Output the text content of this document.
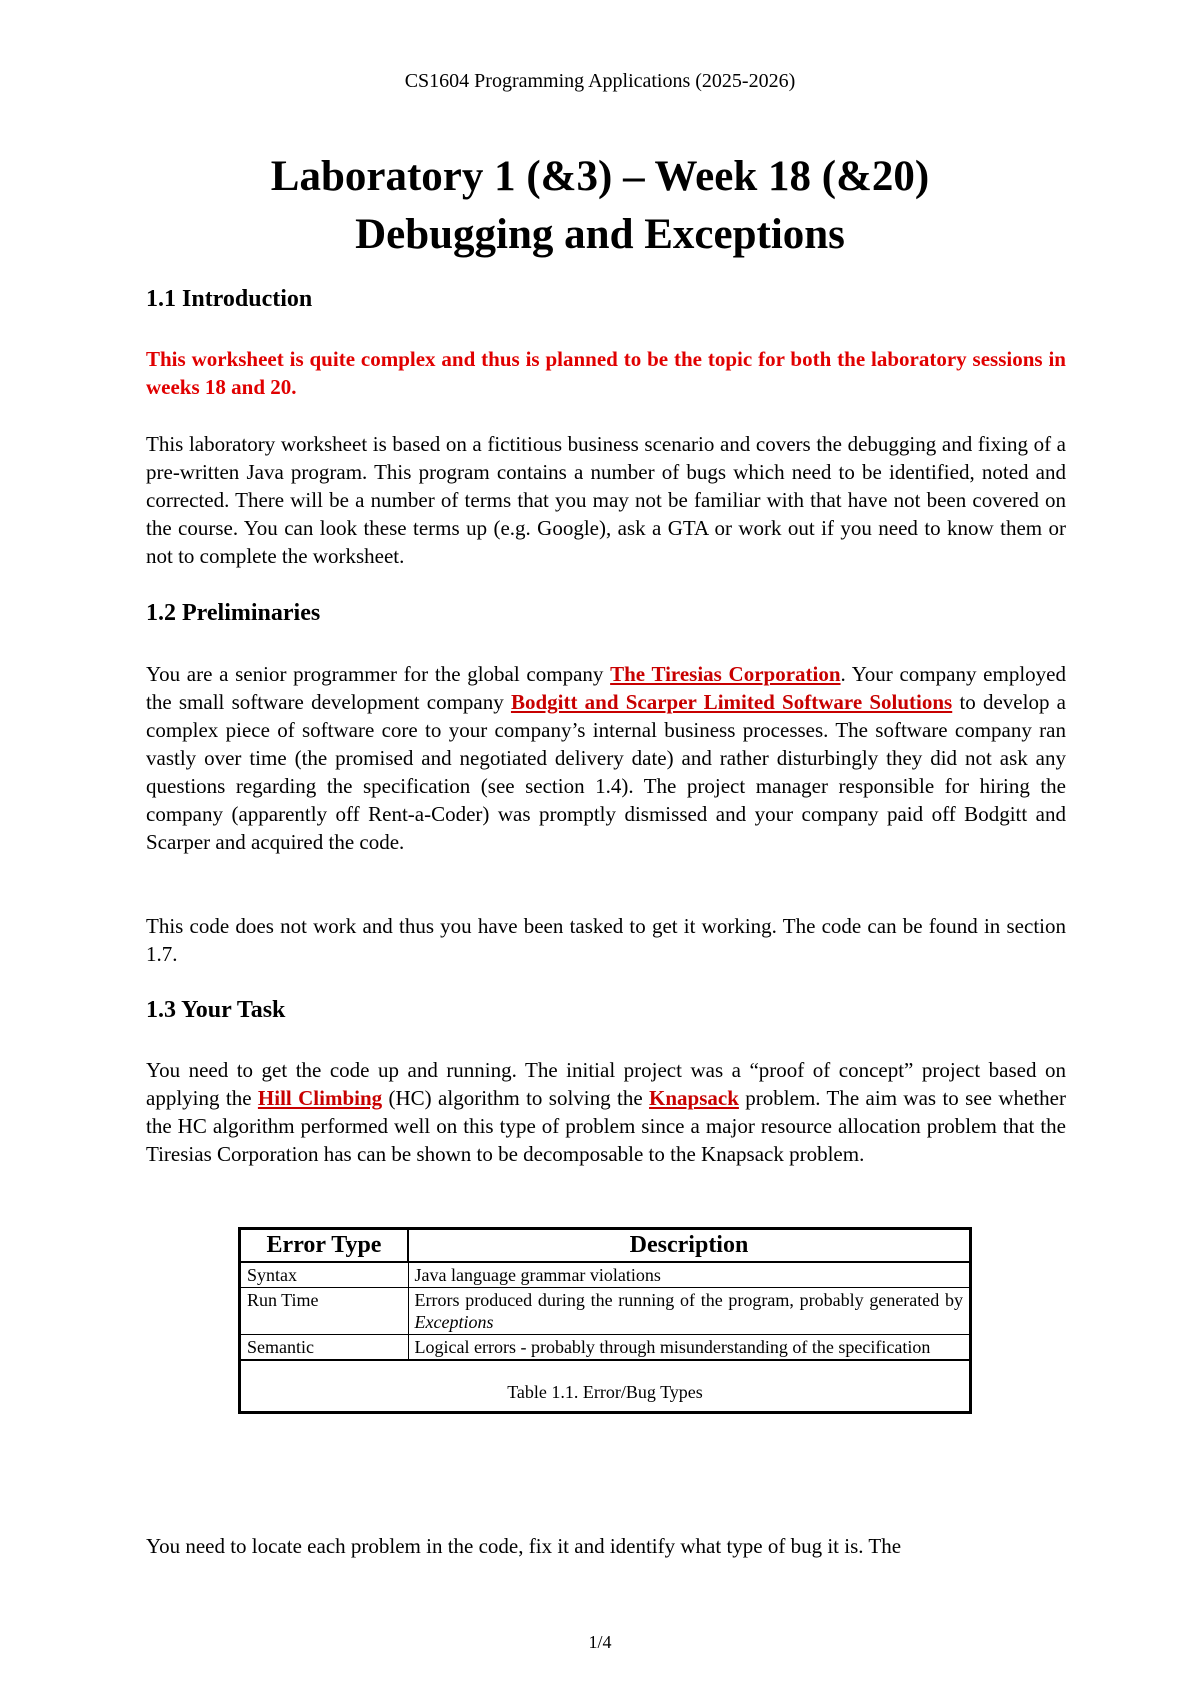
CS1604 Programming Applications (2025-2026)
Laboratory 1 (&3) – Week 18 (&20)
Debugging and Exceptions
1.1 Introduction

This worksheet is quite complex and thus is planned to be the topic for both the laboratory sessions in weeks 18 and 20.

This laboratory worksheet is based on a fictitious business scenario and covers the debugging and fixing of a pre-written Java program. This program contains a number of bugs which need to be identified, noted and corrected. There will be a number of terms that you may not be familiar with that have not been covered on the course. You can look these terms up (e.g. Google), ask a GTA or work out if you need to know them or not to complete the worksheet.

1.2 Preliminaries

You are a senior programmer for the global company The Tiresias Corporation. Your company employed the small software development company Bodgitt and Scarper Limited Software Solutions to develop a complex piece of software core to your company’s internal business processes. The software company ran vastly over time (the promised and negotiated delivery date) and rather disturbingly they did not ask any questions regarding the specification (see section 1.4). The project manager responsible for hiring the company (apparently off Rent-a-Coder) was promptly dismissed and your company paid off Bodgitt and Scarper and acquired the code.

This code does not work and thus you have been tasked to get it working. The code can be found in section 1.7.

1.3 Your Task

You need to get the code up and running. The initial project was a “proof of concept” project based on applying the Hill Climbing (HC) algorithm to solving the Knapsack problem. The aim was to see whether the HC algorithm performed well on this type of problem since a major resource allocation problem that the Tiresias Corporation has can be shown to be decomposable to the Knapsack problem.

Error Type	Description
Syntax	Java language grammar violations
Run Time	Errors produced during the running of the program, probably generated by Exceptions
Semantic	Logical errors - probably through misunderstanding of the specification
Table 1.1. Error/Bug Types	

You need to locate each problem in the code, fix it and identify what type of bug it is. The

1/4
